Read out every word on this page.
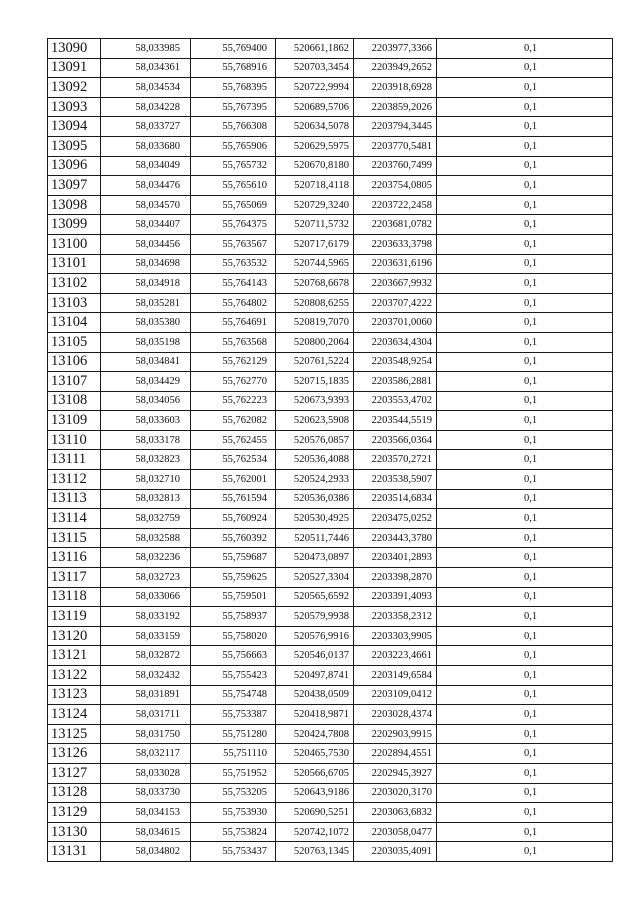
13090	58,033985	55,769400	520661,1862	2203977,3366	0,1
13091	58,034361	55,768916	520703,3454	2203949,2652	0,1
13092	58,034534	55,768395	520722,9994	2203918,6928	0,1
13093	58,034228	55,767395	520689,5706	2203859,2026	0,1
13094	58,033727	55,766308	520634,5078	2203794,3445	0,1
13095	58,033680	55,765906	520629,5975	2203770,5481	0,1
13096	58,034049	55,765732	520670,8180	2203760,7499	0,1
13097	58,034476	55,765610	520718,4118	2203754,0805	0,1
13098	58,034570	55,765069	520729,3240	2203722,2458	0,1
13099	58,034407	55,764375	520711,5732	2203681,0782	0,1
13100	58,034456	55,763567	520717,6179	2203633,3798	0,1
13101	58,034698	55,763532	520744,5965	2203631,6196	0,1
13102	58,034918	55,764143	520768,6678	2203667,9932	0,1
13103	58,035281	55,764802	520808,6255	2203707,4222	0,1
13104	58,035380	55,764691	520819,7070	2203701,0060	0,1
13105	58,035198	55,763568	520800,2064	2203634,4304	0,1
13106	58,034841	55,762129	520761,5224	2203548,9254	0,1
13107	58,034429	55,762770	520715,1835	2203586,2881	0,1
13108	58,034056	55,762223	520673,9393	2203553,4702	0,1
13109	58,033603	55,762082	520623,5908	2203544,5519	0,1
13110	58,033178	55,762455	520576,0857	2203566,0364	0,1
13111	58,032823	55,762534	520536,4088	2203570,2721	0,1
13112	58,032710	55,762001	520524,2933	2203538,5907	0,1
13113	58,032813	55,761594	520536,0386	2203514,6834	0,1
13114	58,032759	55,760924	520530,4925	2203475,0252	0,1
13115	58,032588	55,760392	520511,7446	2203443,3780	0,1
13116	58,032236	55,759687	520473,0897	2203401,2893	0,1
13117	58,032723	55,759625	520527,3304	2203398,2870	0,1
13118	58,033066	55,759501	520565,6592	2203391,4093	0,1
13119	58,033192	55,758937	520579,9938	2203358,2312	0,1
13120	58,033159	55,758020	520576,9916	2203303,9905	0,1
13121	58,032872	55,756663	520546,0137	2203223,4661	0,1
13122	58,032432	55,755423	520497,8741	2203149,6584	0,1
13123	58,031891	55,754748	520438,0509	2203109,0412	0,1
13124	58,031711	55,753387	520418,9871	2203028,4374	0,1
13125	58,031750	55,751280	520424,7808	2202903,9915	0,1
13126	58,032117	55,751110	520465,7530	2202894,4551	0,1
13127	58,033028	55,751952	520566,6705	2202945,3927	0,1
13128	58,033730	55,753205	520643,9186	2203020,3170	0,1
13129	58,034153	55,753930	520690,5251	2203063,6832	0,1
13130	58,034615	55,753824	520742,1072	2203058,0477	0,1
13131	58,034802	55,753437	520763,1345	2203035,4091	0,1
